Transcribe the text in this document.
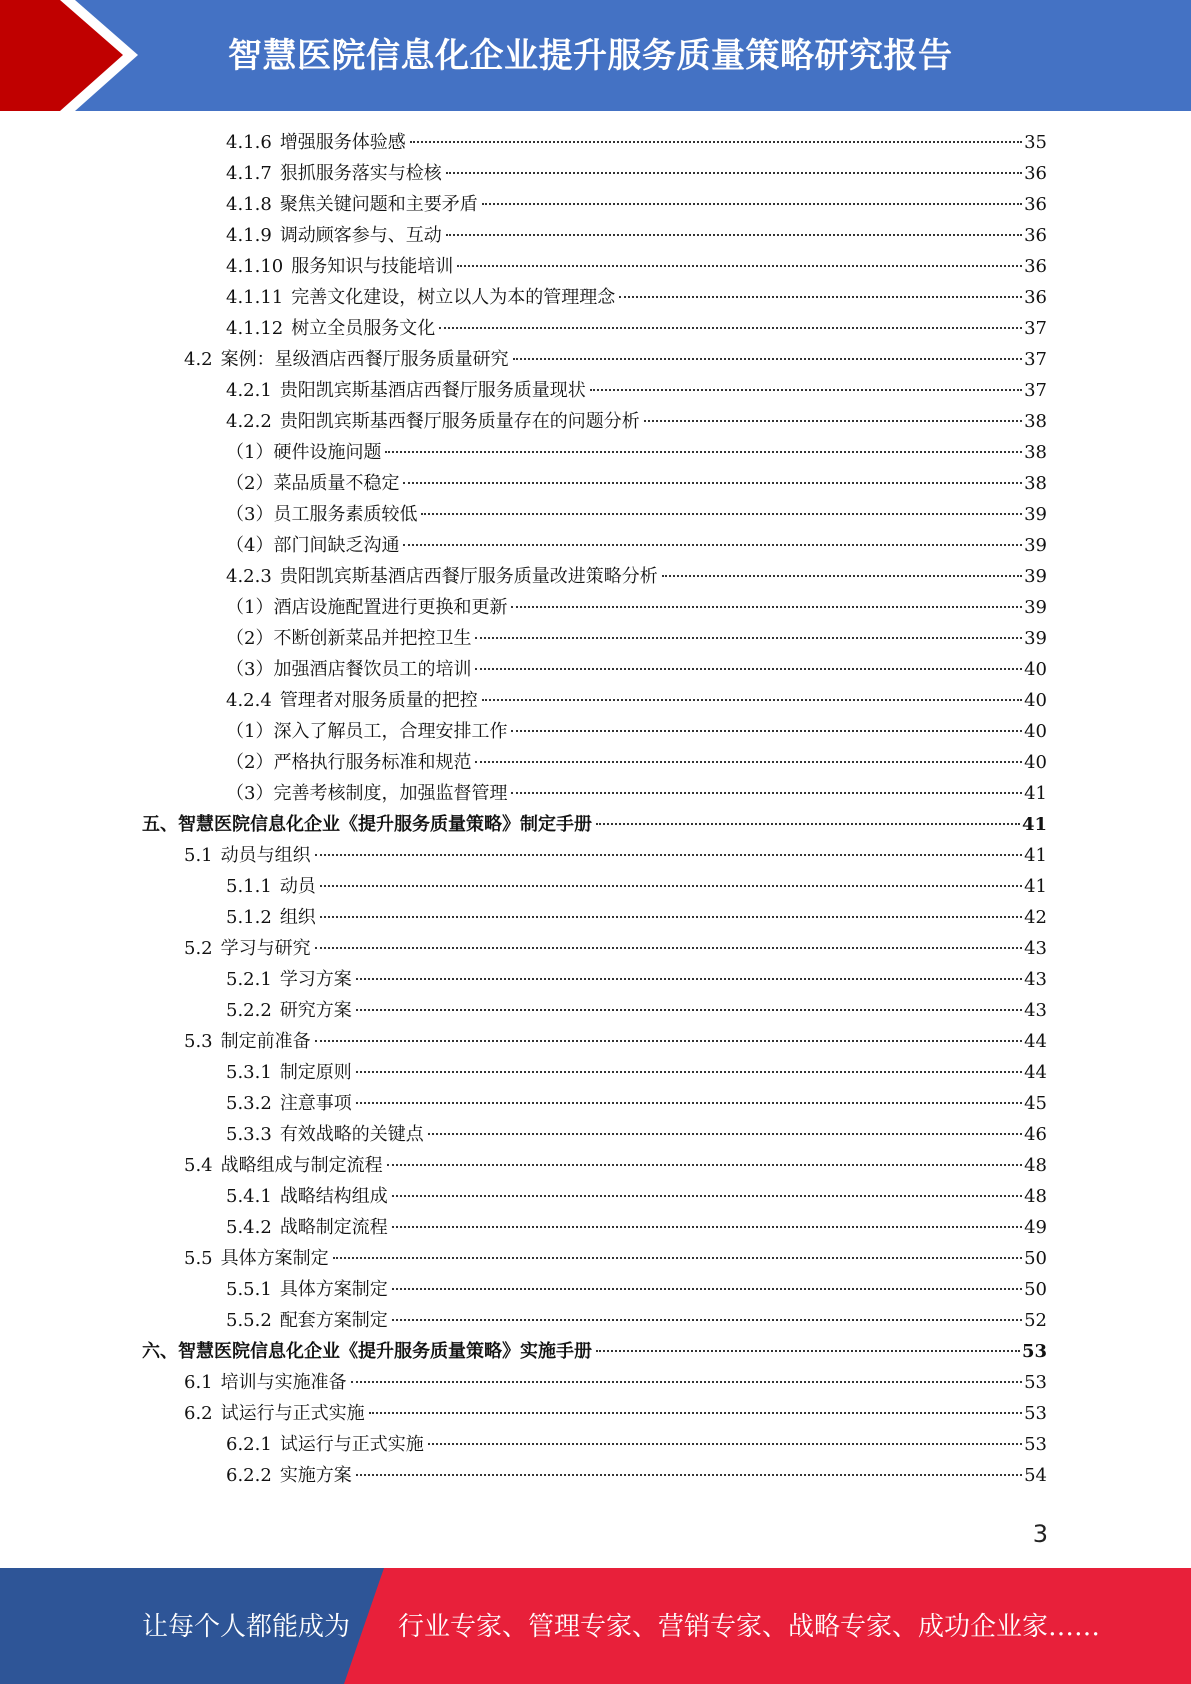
智慧医院信息化企业提升服务质量策略研究报告
4.1.6 增强服务体验感	35
4.1.7 狠抓服务落实与检核	36
4.1.8 聚焦关键问题和主要矛盾	36
4.1.9 调动顾客参与、互动	36
4.1.10 服务知识与技能培训	36
4.1.11 完善文化建设，树立以人为本的管理理念	36
4.1.12 树立全员服务文化	37
4.2 案例：星级酒店西餐厅服务质量研究	37
4.2.1 贵阳凯宾斯基酒店西餐厅服务质量现状	37
4.2.2 贵阳凯宾斯基西餐厅服务质量存在的问题分析	38
（1）硬件设施问题	38
（2）菜品质量不稳定	38
（3）员工服务素质较低	39
（4）部门间缺乏沟通	39
4.2.3 贵阳凯宾斯基酒店西餐厅服务质量改进策略分析	39
（1）酒店设施配置进行更换和更新	39
（2）不断创新菜品并把控卫生	39
（3）加强酒店餐饮员工的培训	40
4.2.4 管理者对服务质量的把控	40
（1）深入了解员工，合理安排工作	40
（2）严格执行服务标准和规范	40
（3）完善考核制度，加强监督管理	41
五、智慧医院信息化企业《提升服务质量策略》制定手册	41
5.1 动员与组织	41
5.1.1 动员	41
5.1.2 组织	42
5.2 学习与研究	43
5.2.1 学习方案	43
5.2.2 研究方案	43
5.3 制定前准备	44
5.3.1 制定原则	44
5.3.2 注意事项	45
5.3.3 有效战略的关键点	46
5.4 战略组成与制定流程	48
5.4.1 战略结构组成	48
5.4.2 战略制定流程	49
5.5 具体方案制定	50
5.5.1 具体方案制定	50
5.5.2 配套方案制定	52
六、智慧医院信息化企业《提升服务质量策略》实施手册	53
6.1 培训与实施准备	53
6.2 试运行与正式实施	53
6.2.1 试运行与正式实施	53
6.2.2 实施方案	54
3
让每个人都能成为 行业专家、管理专家、营销专家、战略专家、成功企业家……
